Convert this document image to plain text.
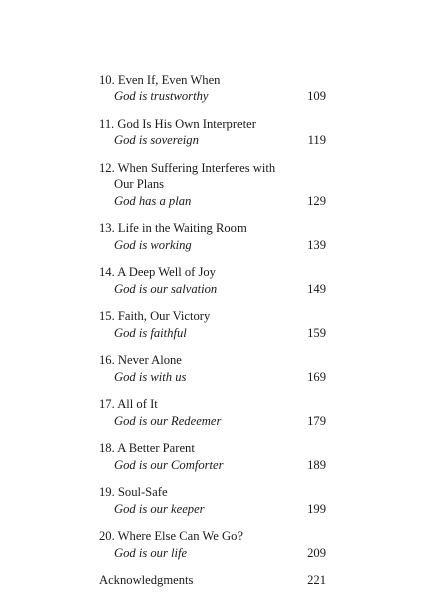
10. Even If, Even When
God is trustworthy	109
11. God Is His Own Interpreter
God is sovereign	119
12. When Suffering Interferes with
Our Plans
God has a plan	129
13. Life in the Waiting Room
God is working	139
14. A Deep Well of Joy
God is our salvation	149
15. Faith, Our Victory
God is faithful	159
16. Never Alone
God is with us	169
17. All of It
God is our Redeemer	179
18. A Better Parent
God is our Comforter	189
19. Soul-Safe
God is our keeper	199
20. Where Else Can We Go?
God is our life	209
Acknowledgments	221
